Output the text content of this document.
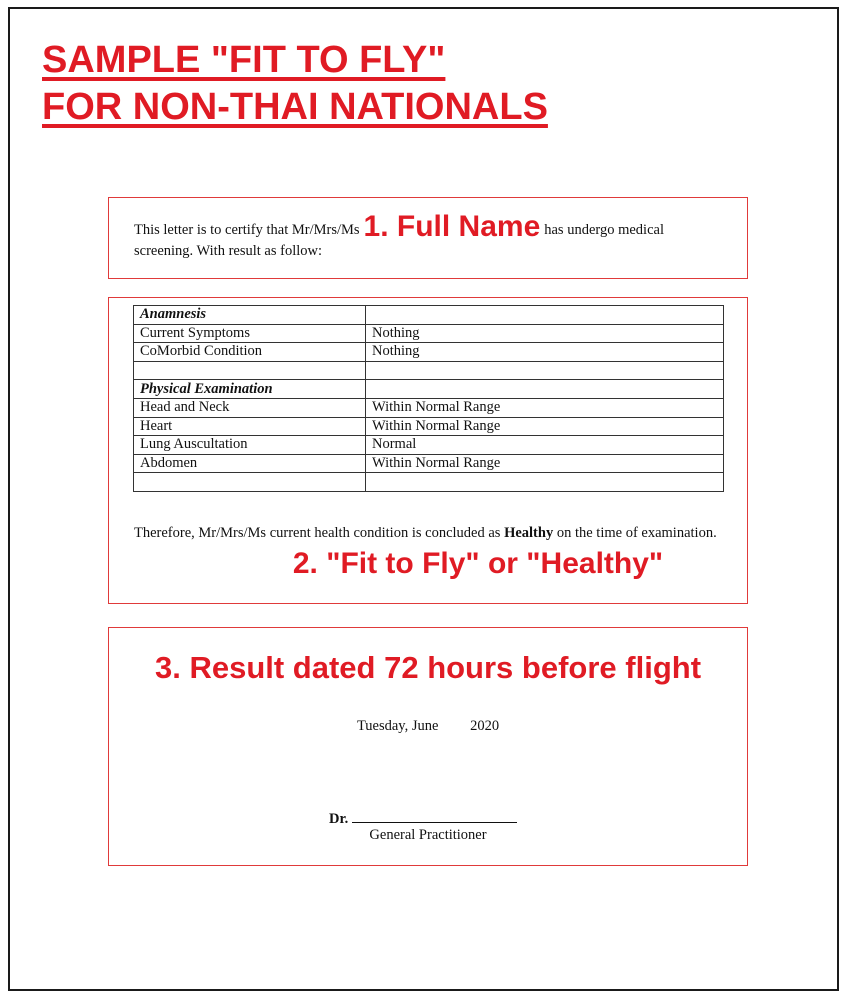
SAMPLE "FIT TO FLY"
FOR NON-THAI NATIONALS
This letter is to certify that Mr/Mrs/Ms 1. Full Name has undergo medical screening. With result as follow:
Anamnesis	
Current Symptoms	Nothing
CoMorbid Condition	Nothing

Physical Examination	
Head and Neck	Within Normal Range
Heart	Within Normal Range
Lung Auscultation	Normal
Abdomen	Within Normal Range

Therefore, Mr/Mrs/Ms current health condition is concluded as Healthy on the time of examination.
2. "Fit to Fly" or "Healthy"
3. Result dated 72 hours before flight
Tuesday, June 2020
Dr.
General Practitioner
